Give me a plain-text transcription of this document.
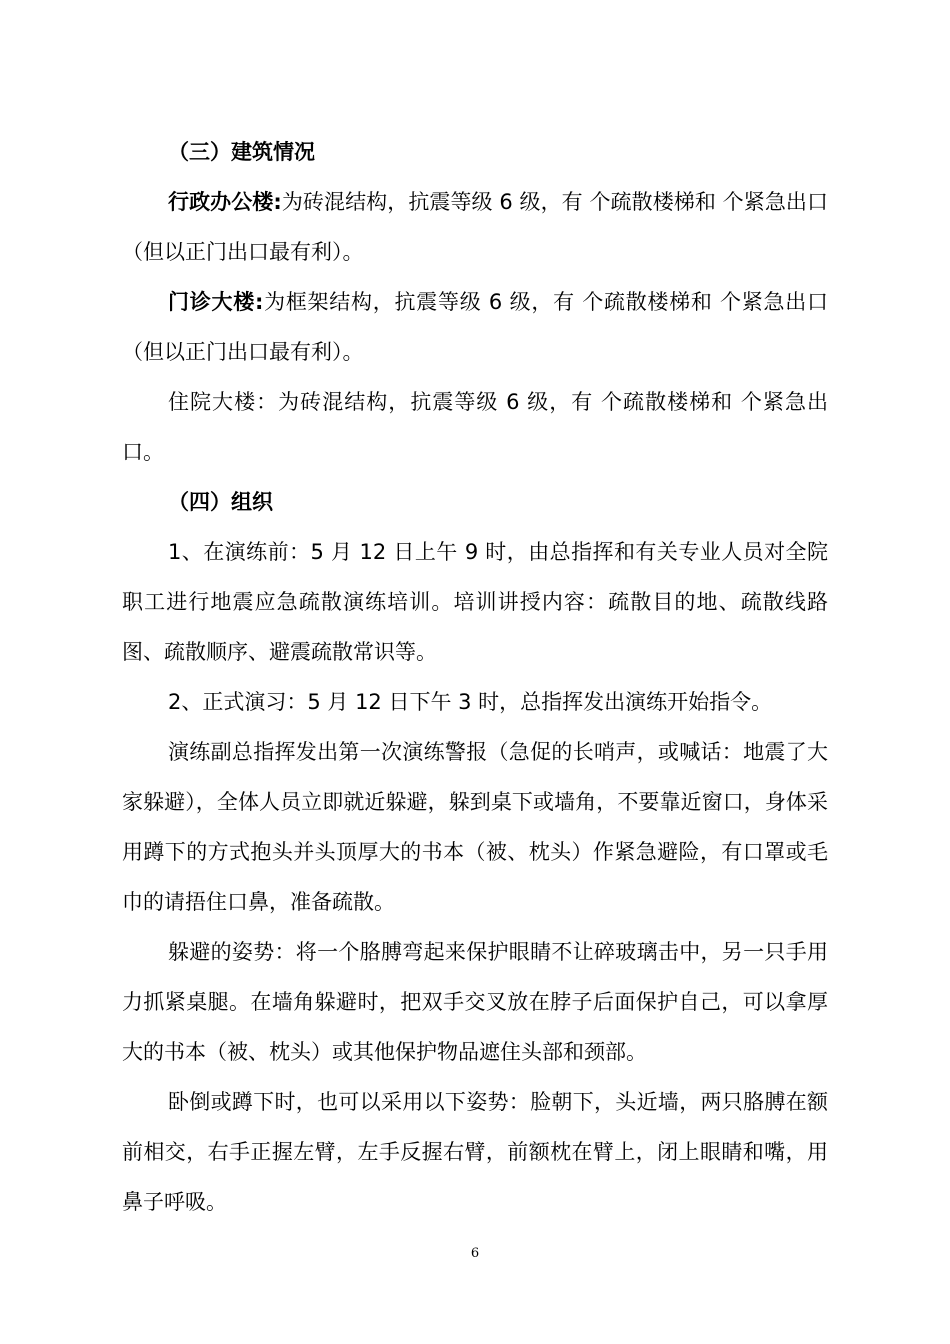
（三）建筑情况

行政办公楼:为砖混结构，抗震等级 6 级，有 个疏散楼梯和 个紧急出口（但以正门出口最有利）。

门诊大楼:为框架结构，抗震等级 6 级，有 个疏散楼梯和 个紧急出口（但以正门出口最有利）。

住院大楼：为砖混结构，抗震等级 6 级，有 个疏散楼梯和 个紧急出口。

（四）组织

1、在演练前：5 月 12 日上午 9 时，由总指挥和有关专业人员对全院职工进行地震应急疏散演练培训。培训讲授内容：疏散目的地、疏散线路图、疏散顺序、避震疏散常识等。

2、正式演习：5 月 12 日下午 3 时，总指挥发出演练开始指令。

演练副总指挥发出第一次演练警报（急促的长哨声，或喊话：地震了大家躲避），全体人员立即就近躲避，躲到桌下或墙角，不要靠近窗口，身体采用蹲下的方式抱头并头顶厚大的书本（被、枕头）作紧急避险，有口罩或毛巾的请捂住口鼻，准备疏散。

躲避的姿势：将一个胳膊弯起来保护眼睛不让碎玻璃击中，另一只手用力抓紧桌腿。在墙角躲避时，把双手交叉放在脖子后面保护自己，可以拿厚大的书本（被、枕头）或其他保护物品遮住头部和颈部。

卧倒或蹲下时，也可以采用以下姿势：脸朝下，头近墙，两只胳膊在额前相交，右手正握左臂，左手反握右臂，前额枕在臂上，闭上眼睛和嘴，用鼻子呼吸。

6
